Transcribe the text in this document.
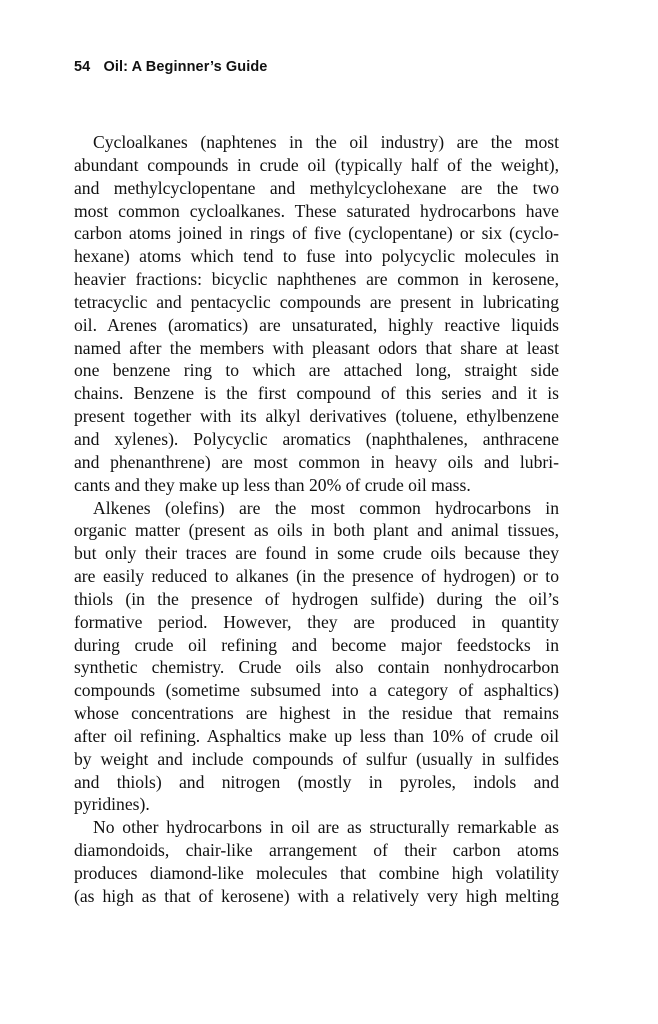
54 Oil: A Beginner’s Guide
Cycloalkanes (naphtenes in the oil industry) are the most
abundant compounds in crude oil (typically half of the weight),
and methylcyclopentane and methylcyclohexane are the two
most common cycloalkanes. These saturated hydrocarbons have
carbon atoms joined in rings of five (cyclopentane) or six (cyclo-
hexane) atoms which tend to fuse into polycyclic molecules in
heavier fractions: bicyclic naphthenes are common in kerosene,
tetracyclic and pentacyclic compounds are present in lubricating
oil. Arenes (aromatics) are unsaturated, highly reactive liquids
named after the members with pleasant odors that share at least
one benzene ring to which are attached long, straight side
chains. Benzene is the first compound of this series and it is
present together with its alkyl derivatives (toluene, ethylbenzene
and xylenes). Polycyclic aromatics (naphthalenes, anthracene
and phenanthrene) are most common in heavy oils and lubri-
cants and they make up less than 20% of crude oil mass.
Alkenes (olefins) are the most common hydrocarbons in
organic matter (present as oils in both plant and animal tissues,
but only their traces are found in some crude oils because they
are easily reduced to alkanes (in the presence of hydrogen) or to
thiols (in the presence of hydrogen sulfide) during the oil’s
formative period. However, they are produced in quantity
during crude oil refining and become major feedstocks in
synthetic chemistry. Crude oils also contain nonhydrocarbon
compounds (sometime subsumed into a category of asphaltics)
whose concentrations are highest in the residue that remains
after oil refining. Asphaltics make up less than 10% of crude oil
by weight and include compounds of sulfur (usually in sulfides
and thiols) and nitrogen (mostly in pyroles, indols and
pyridines).
No other hydrocarbons in oil are as structurally remarkable as
diamondoids, chair-like arrangement of their carbon atoms
produces diamond-like molecules that combine high volatility
(as high as that of kerosene) with a relatively very high melting
